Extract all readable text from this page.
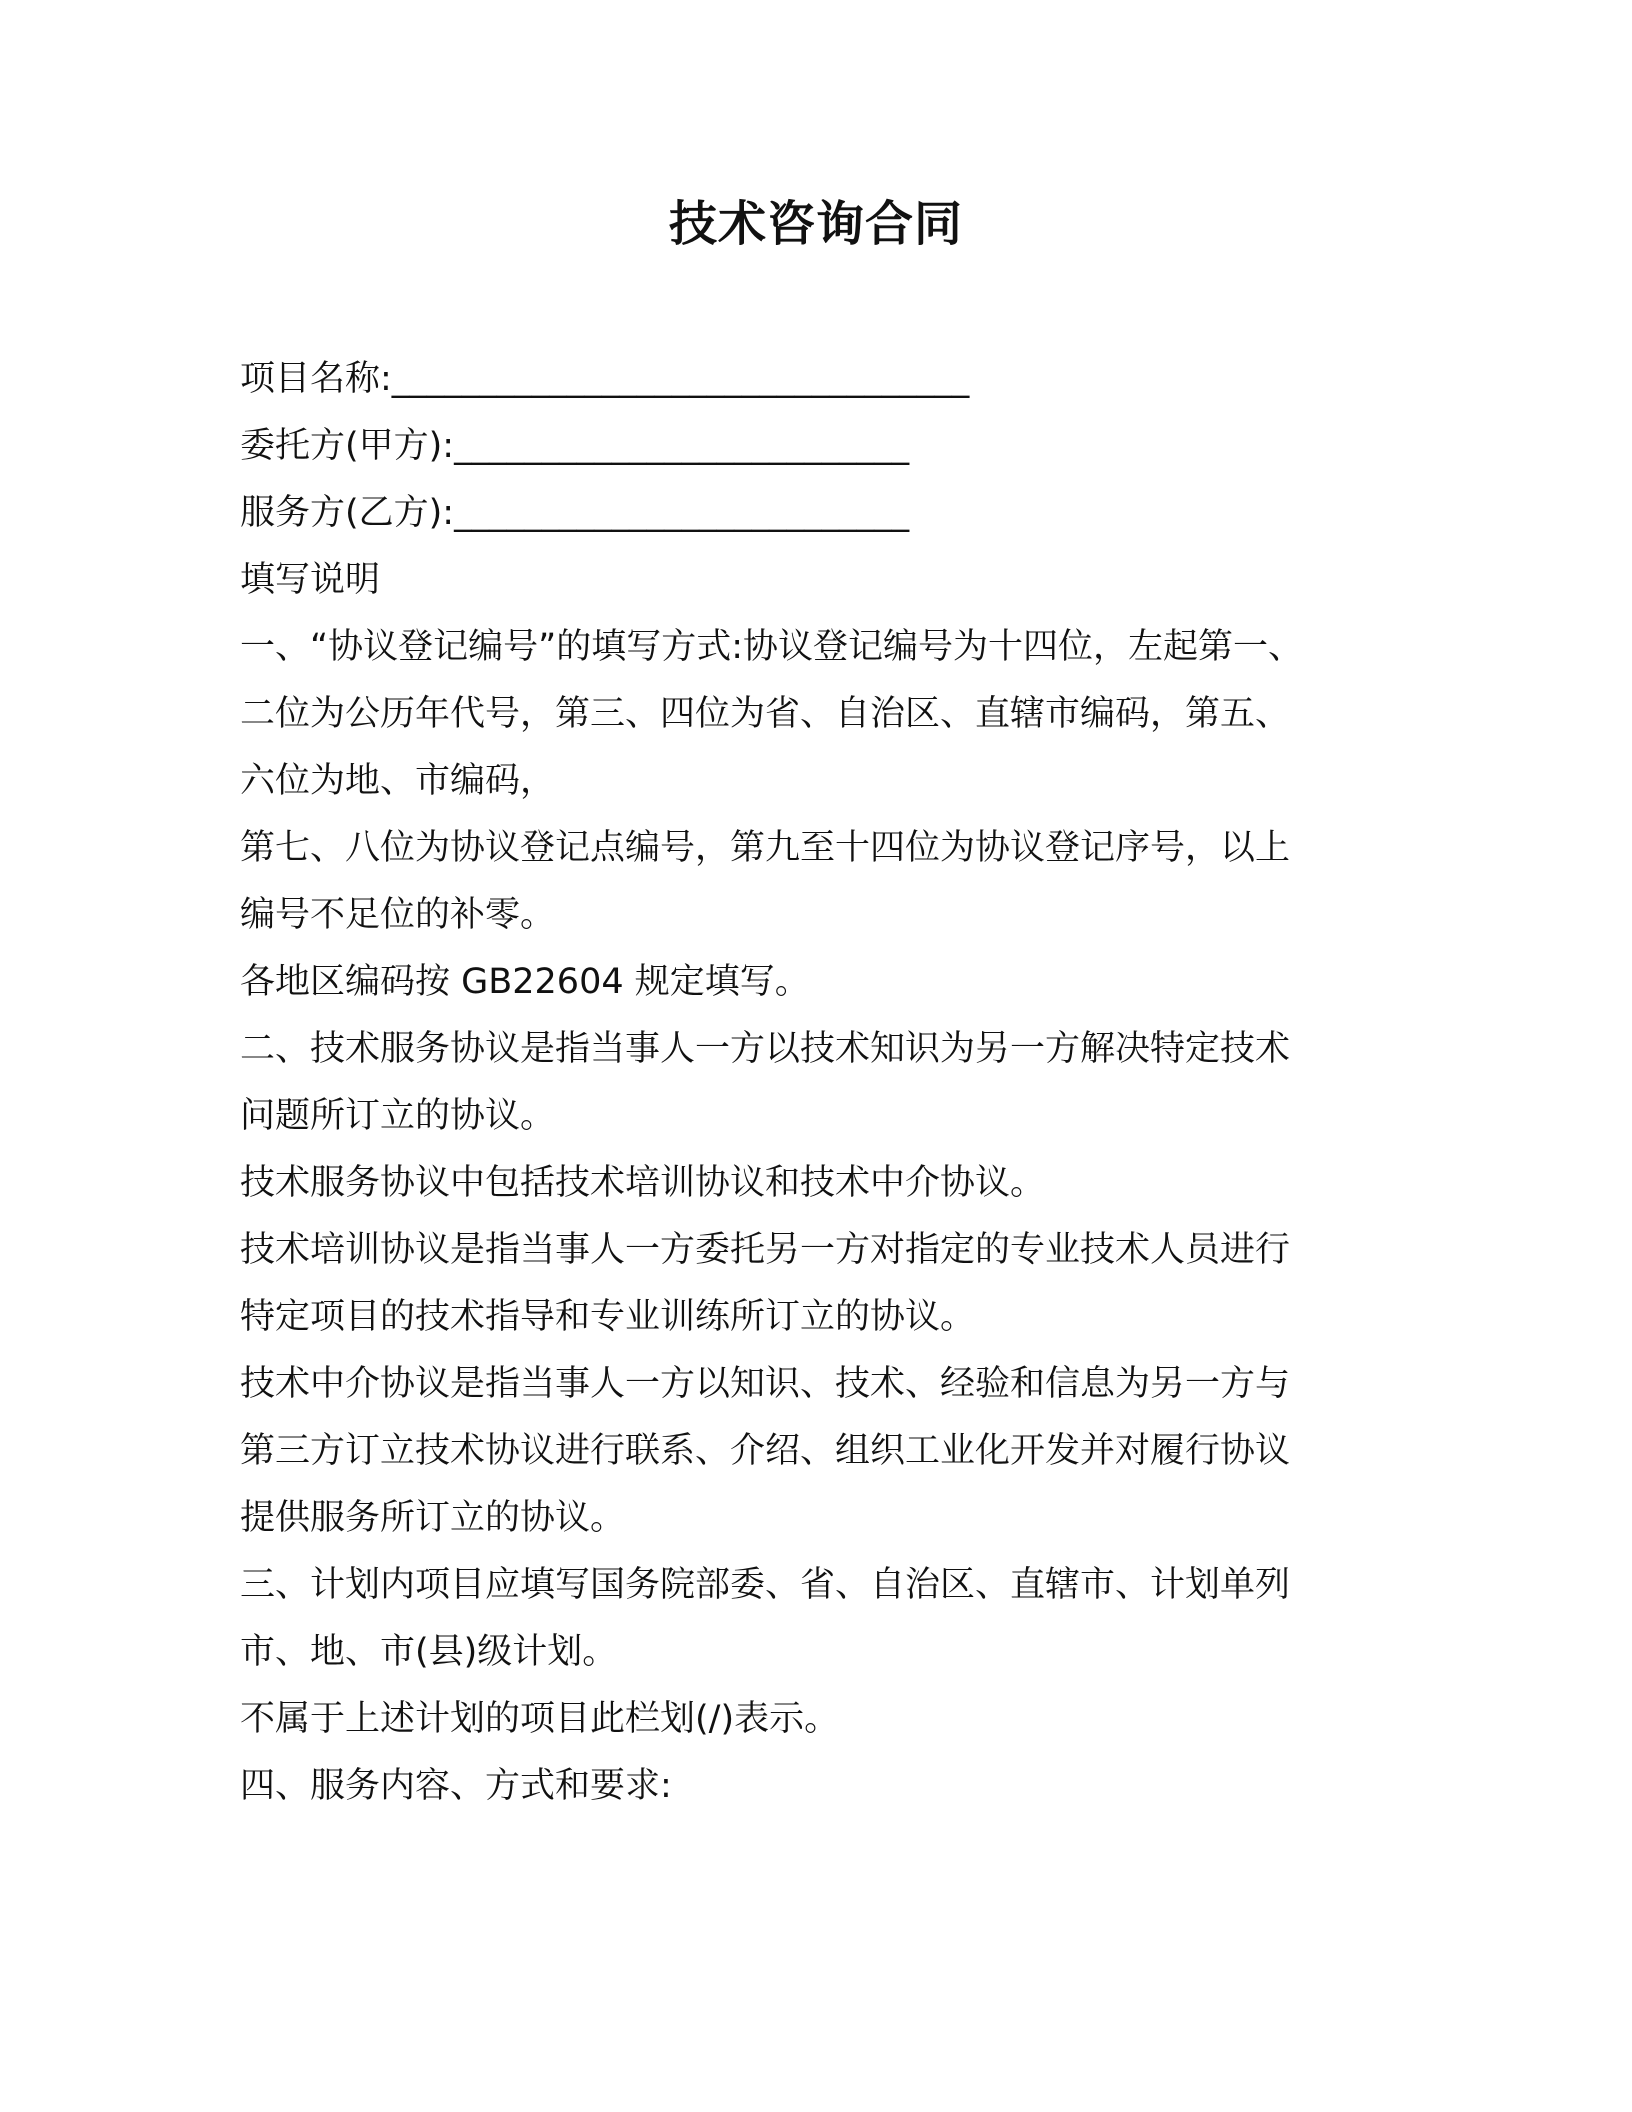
技术咨询合同
项目名称:_________________________________
委托方(甲方):__________________________
服务方(乙方):__________________________
填写说明
一、“协议登记编号”的填写方式:协议登记编号为十四位，左起第一、
二位为公历年代号，第三、四位为省、自治区、直辖市编码，第五、
六位为地、市编码，
第七、八位为协议登记点编号，第九至十四位为协议登记序号，以上
编号不足位的补零。
各地区编码按 GB22604 规定填写。
二、技术服务协议是指当事人一方以技术知识为另一方解决特定技术
问题所订立的协议。
技术服务协议中包括技术培训协议和技术中介协议。
技术培训协议是指当事人一方委托另一方对指定的专业技术人员进行
特定项目的技术指导和专业训练所订立的协议。
技术中介协议是指当事人一方以知识、技术、经验和信息为另一方与
第三方订立技术协议进行联系、介绍、组织工业化开发并对履行协议
提供服务所订立的协议。
三、计划内项目应填写国务院部委、省、自治区、直辖市、计划单列
市、地、市(县)级计划。
不属于上述计划的项目此栏划(/)表示。
四、服务内容、方式和要求:
